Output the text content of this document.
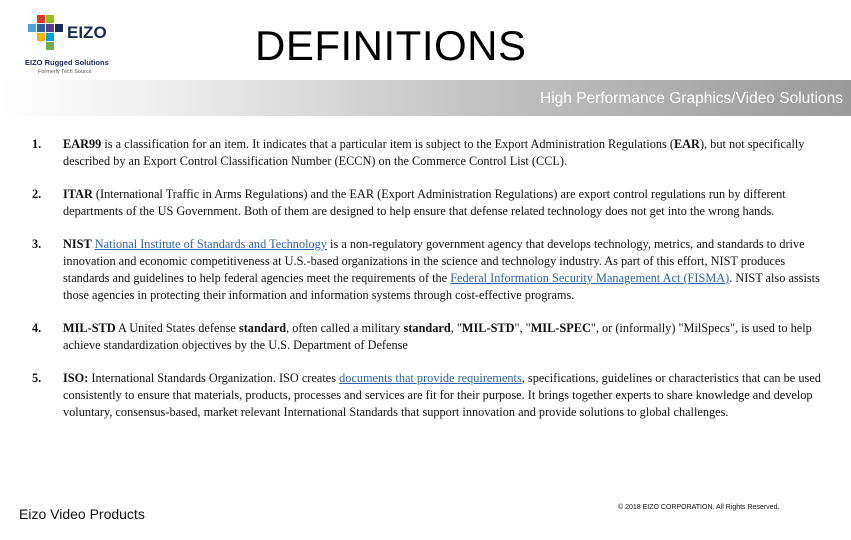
EIZO
EIZO Rugged Solutions
Formerly Tech Source
DEFINITIONS
High Performance Graphics/Video Solutions
1. EAR99 is a classification for an item. It indicates that a particular item is subject to the Export Administration Regulations (EAR), but not specifically described by an Export Control Classification Number (ECCN) on the Commerce Control List (CCL).
2. ITAR (International Traffic in Arms Regulations) and the EAR (Export Administration Regulations) are export control regulations run by different departments of the US Government. Both of them are designed to help ensure that defense related technology does not get into the wrong hands.
3. NIST National Institute of Standards and Technology is a non-regulatory government agency that develops technology, metrics, and standards to drive innovation and economic competitiveness at U.S.-based organizations in the science and technology industry. As part of this effort, NIST produces standards and guidelines to help federal agencies meet the requirements of the Federal Information Security Management Act (FISMA). NIST also assists those agencies in protecting their information and information systems through cost-effective programs.
4. MIL-STD A United States defense standard, often called a military standard, "MIL-STD", "MIL-SPEC", or (informally) "MilSpecs", is used to help achieve standardization objectives by the U.S. Department of Defense
5. ISO: International Standards Organization. ISO creates documents that provide requirements, specifications, guidelines or characteristics that can be used consistently to ensure that materials, products, processes and services are fit for their purpose. It brings together experts to share knowledge and develop voluntary, consensus-based, market relevant International Standards that support innovation and provide solutions to global challenges.
Eizo Video Products	© 2018 EIZO CORPORATION. All Rights Reserved.
